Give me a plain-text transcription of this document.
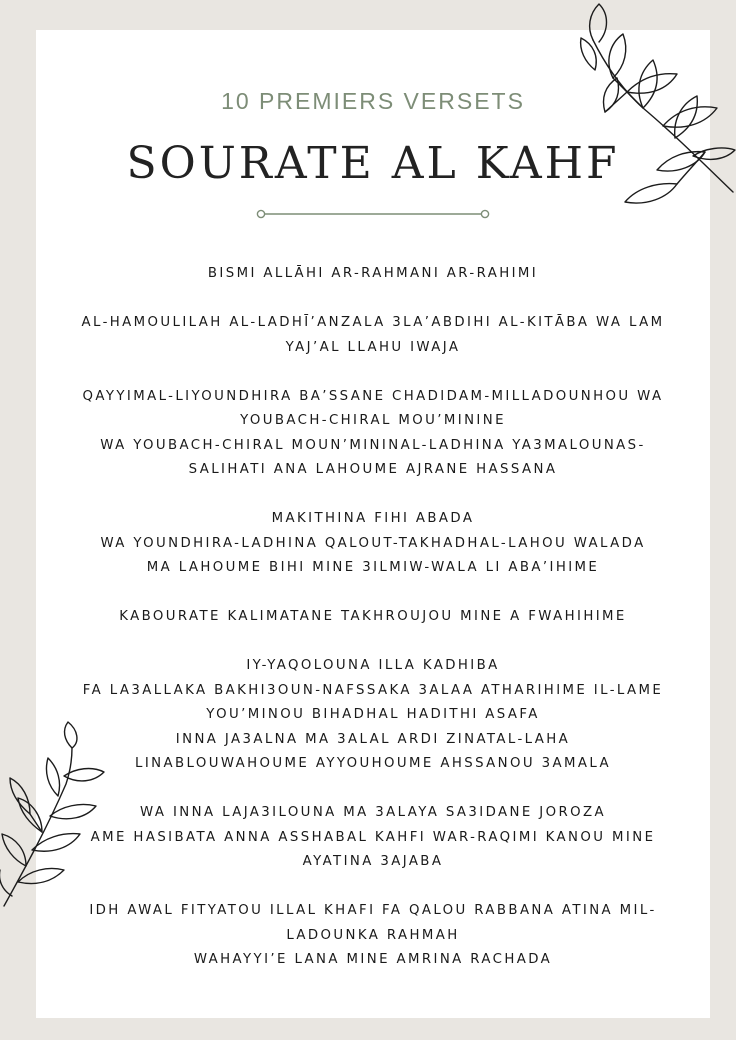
10 PREMIERS VERSETS
SOURATE AL KAHF
BISMI ALLĀHI AR-RAHMANI AR-RAHIMI
AL-HAMOULILAH AL-LADHĪ’ANZALA 3LA’ABDIHI AL-KITĀBA WA LAM
YAJ’AL LLAHU IWAJA
QAYYIMAL-LIYOUNDHIRA BA’SSANE CHADIDAM-MILLADOUNHOU WA
YOUBACH-CHIRAL MOU’MININE
WA YOUBACH-CHIRAL MOUN’MININAL-LADHINA YA3MALOUNAS-
SALIHATI ANA LAHOUME AJRANE HASSANA
MAKITHINA FIHI ABADA
WA YOUNDHIRA-LADHINA QALOUT-TAKHADHAL-LAHOU WALADA
MA LAHOUME BIHI MINE 3ILMIW-WALA LI ABA’IHIME
KABOURATE KALIMATANE TAKHROUJOU MINE A FWAHIHIME
IY-YAQOLOUNA ILLA KADHIBA
FA LA3ALLAKA BAKHI3OUN-NAFSSAKA 3ALAA ATHARIHIME IL-LAME
YOU’MINOU BIHADHAL HADITHI ASAFA
INNA JA3ALNA MA 3ALAL ARDI ZINATAL-LAHA
LINABLOUWAHOUME AYYOUHOUME AHSSANOU 3AMALA
WA INNA LAJA3ILOUNA MA 3ALAYA SA3IDANE JOROZA
AME HASIBATA ANNA ASSHABAL KAHFI WAR-RAQIMI KANOU MINE
AYATINA 3AJABA
IDH AWAL FITYATOU ILLAL KHAFI FA QALOU RABBANA ATINA MIL-
LADOUNKA RAHMAH
WAHAYYI’E LANA MINE AMRINA RACHADA
